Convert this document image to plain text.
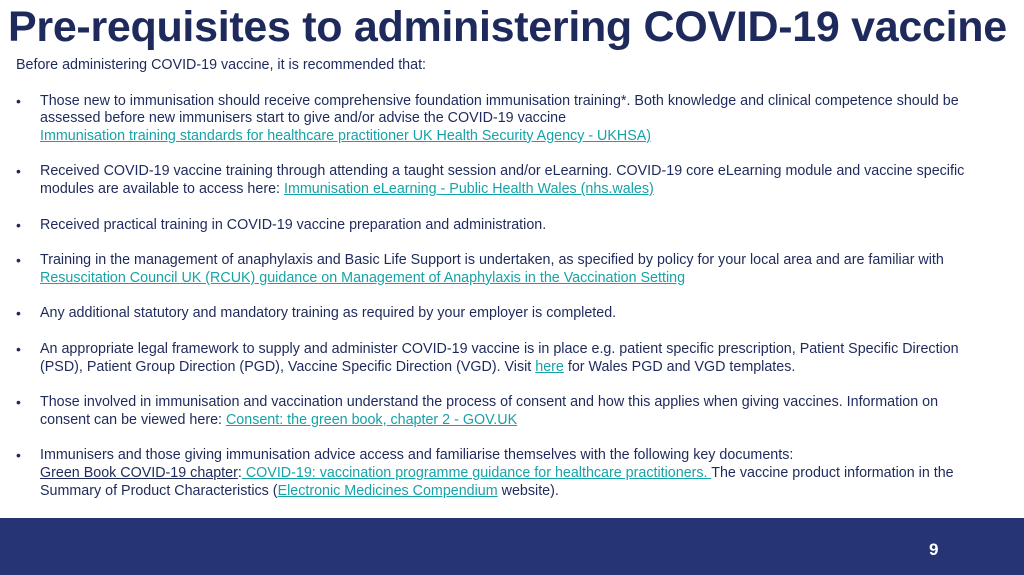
Pre-requisites to administering COVID-19 vaccine

Before administering COVID-19 vaccine, it is recommended that:

• Those new to immunisation should receive comprehensive foundation immunisation training*. Both knowledge and clinical competence should be assessed before new immunisers start to give and/or advise the COVID-19 vaccine
Immunisation training standards for healthcare practitioner UK Health Security Agency - UKHSA)
• Received COVID-19 vaccine training through attending a taught session and/or eLearning. COVID-19 core eLearning module and vaccine specific modules are available to access here: Immunisation eLearning - Public Health Wales (nhs.wales)
• Received practical training in COVID-19 vaccine preparation and administration.
• Training in the management of anaphylaxis and Basic Life Support is undertaken, as specified by policy for your local area and are familiar with Resuscitation Council UK (RCUK) guidance on Management of Anaphylaxis in the Vaccination Setting
• Any additional statutory and mandatory training as required by your employer is completed.
• An appropriate legal framework to supply and administer COVID-19 vaccine is in place e.g. patient specific prescription, Patient Specific Direction (PSD), Patient Group Direction (PGD), Vaccine Specific Direction (VGD). Visit here for Wales PGD and VGD templates.
• Those involved in immunisation and vaccination understand the process of consent and how this applies when giving vaccines. Information on consent can be viewed here: Consent: the green book, chapter 2 - GOV.UK
• Immunisers and those giving immunisation advice access and familiarise themselves with the following key documents:
Green Book COVID-19 chapter: COVID-19: vaccination programme guidance for healthcare practitioners. The vaccine product information in the Summary of Product Characteristics (Electronic Medicines Compendium website).
9
